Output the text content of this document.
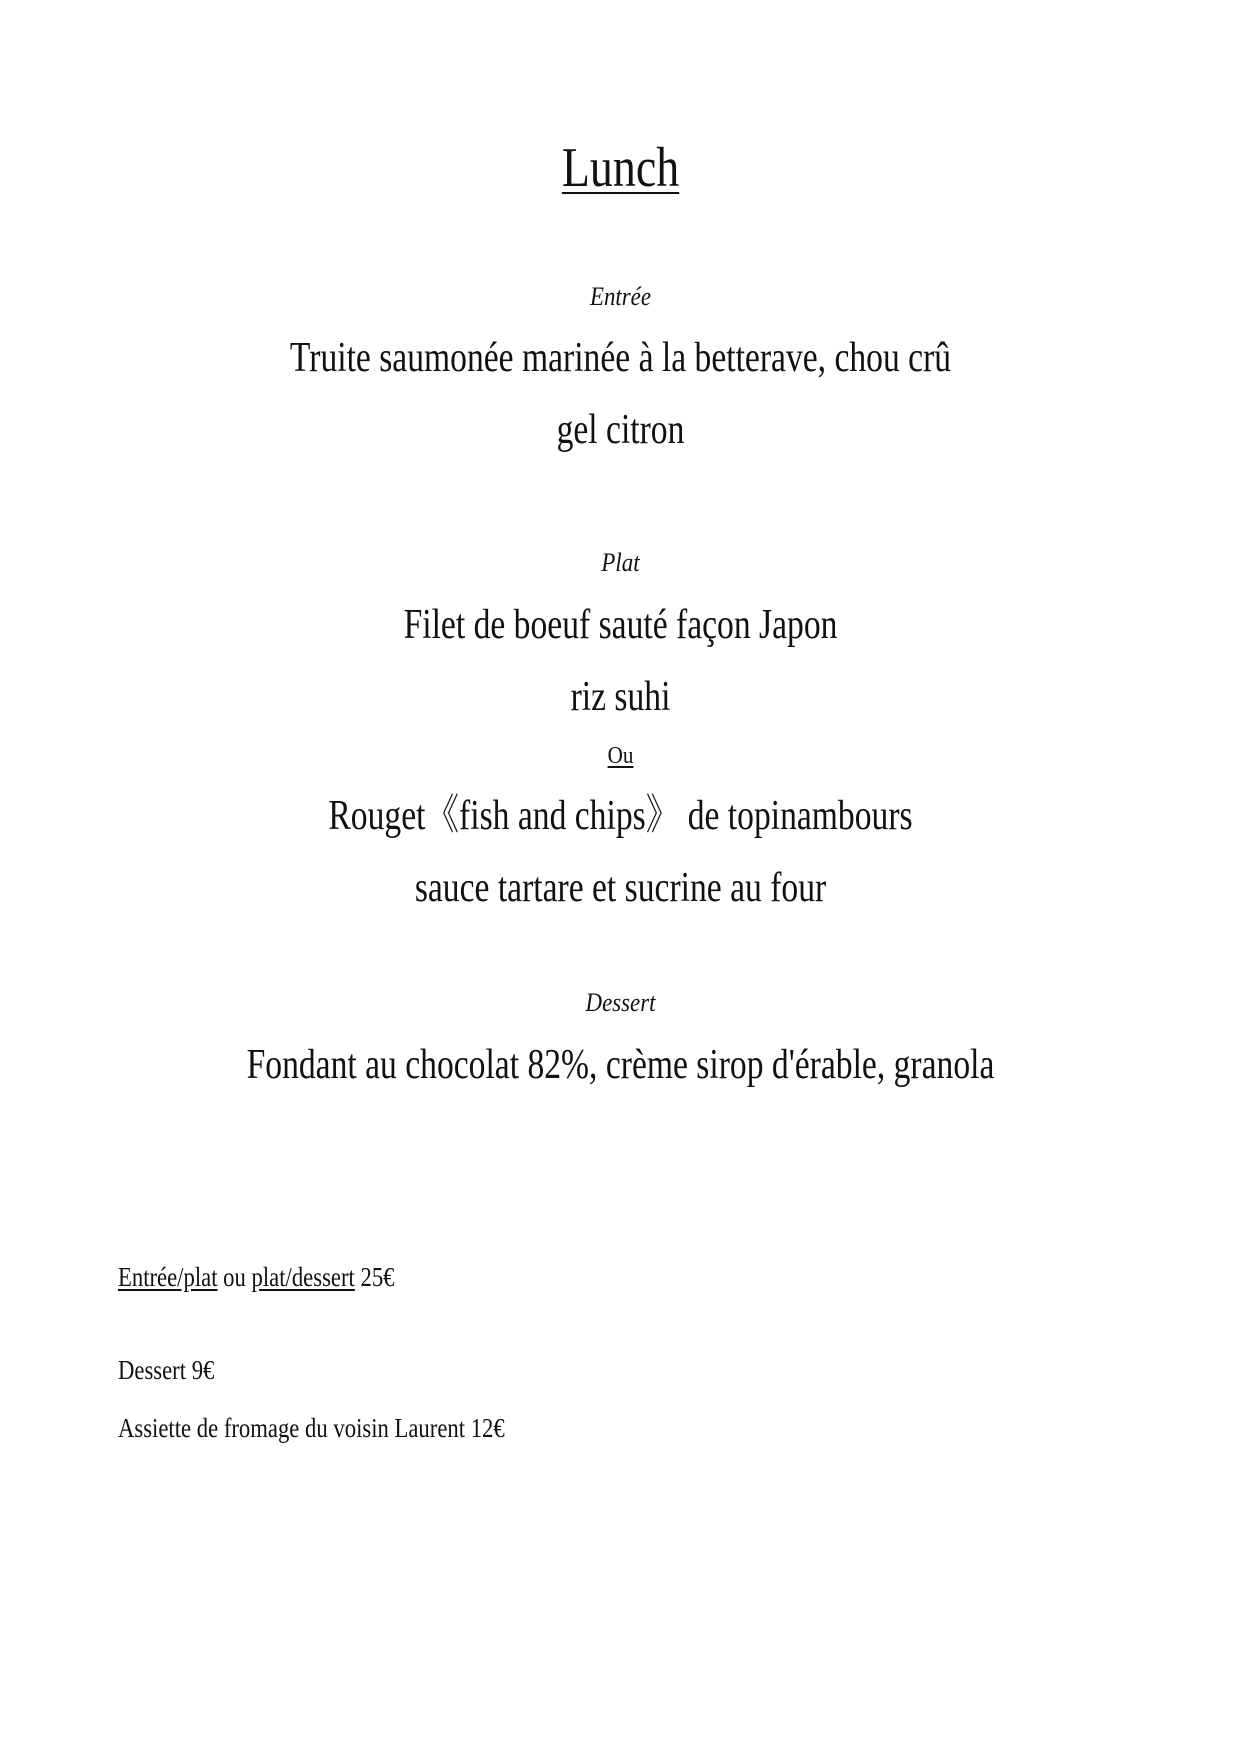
Lunch
Entrée
Truite saumonée marinée à la betterave, chou crû
gel citron
Plat
Filet de boeuf sauté façon Japon
riz suhi
Ou
Rouget《fish and chips》 de topinambours
sauce tartare et sucrine au four
Dessert
Fondant au chocolat 82%, crème sirop d'érable, granola
Entrée/plat ou plat/dessert 25€
Dessert 9€
Assiette de fromage du voisin Laurent 12€
